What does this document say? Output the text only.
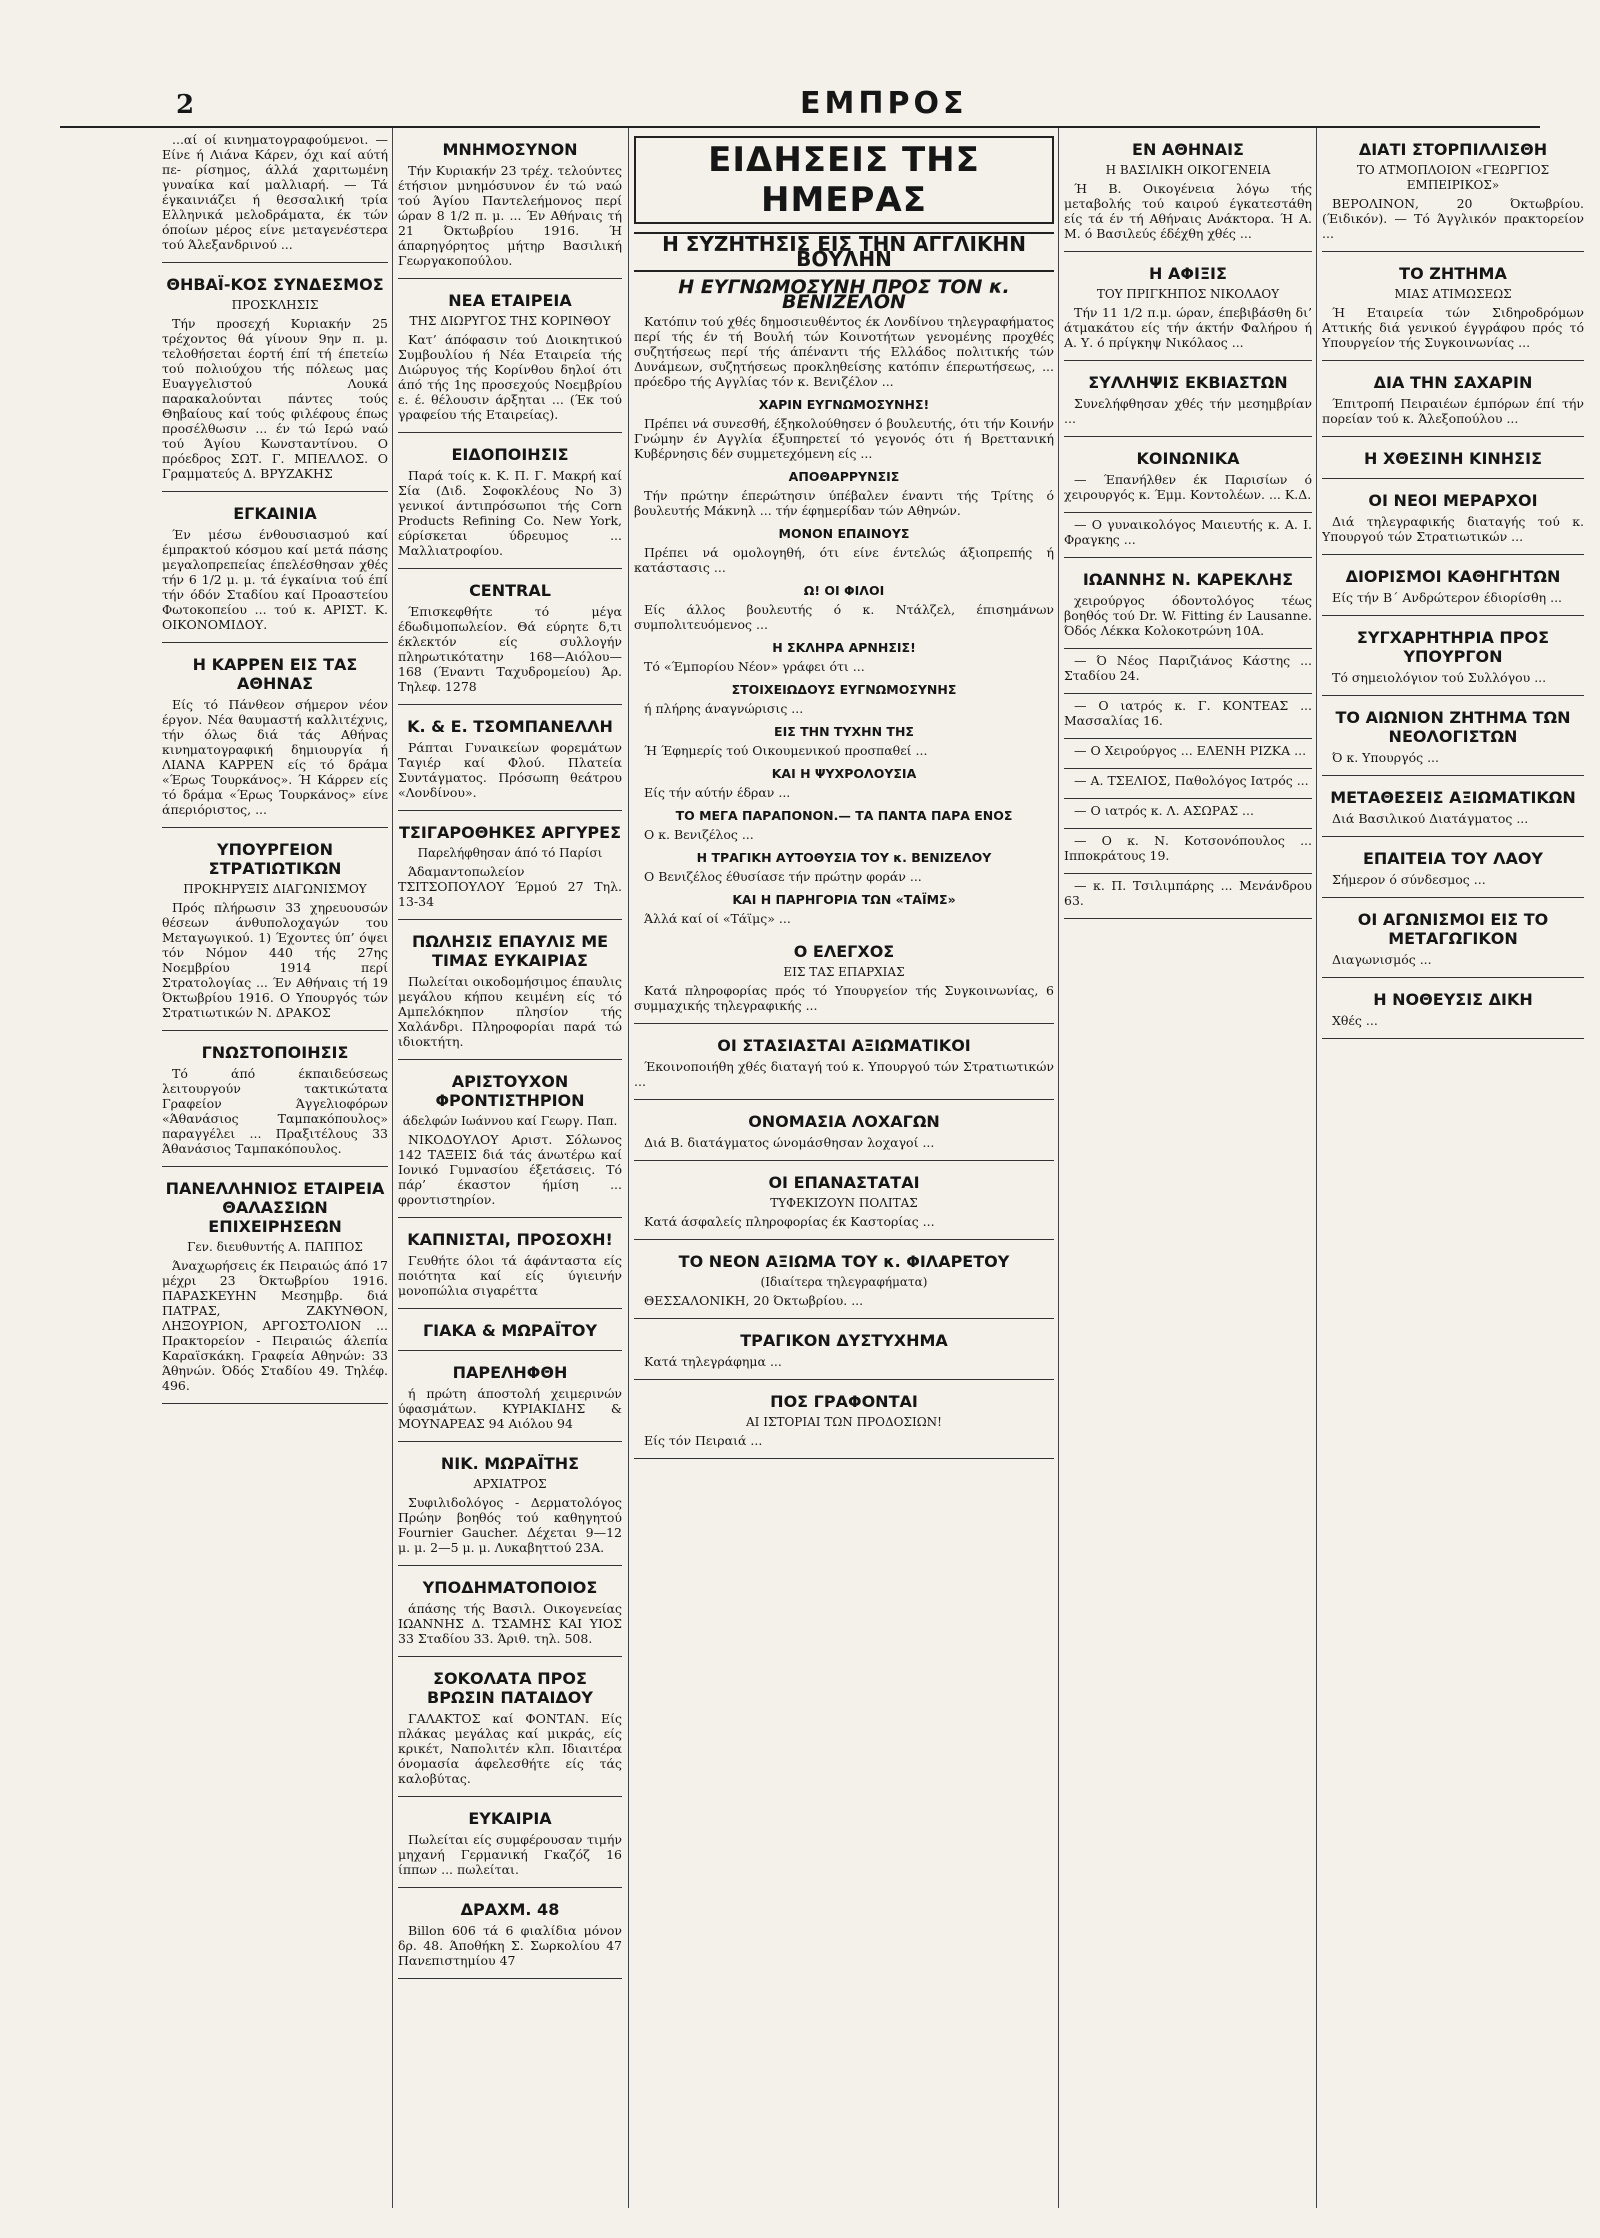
2	ΕΜΠΡΟΣ

...αί οί κινηματογραφούμενοι. — Είνε ή Λιάνα Κάρεν, όχι καί αύτή πε- ρίσημος, άλλά χαριτωμένη γυναίκα καί μαλλιαρή. — Τά έγκαινιάζει ή θεσσαλική τρία Ελληνικά μελοδράματα, έκ τών όποίων μέρος είνε μεταγενέστερα τού Άλεξανδρινού ...

ΘΗΒΑΪ-ΚΟΣ ΣΥΝΔΕΣΜΟΣ
ΠΡΟΣΚΛΗΣΙΣ

Τήν προσεχή Κυριακήν 25 τρέχοντος θά γίνουν 9ην π. μ. τελοθήσεται έορτή έπί τή έπετείω τού πολιούχου τής πόλεως μας Ευαγγελιστού Λουκά παρακαλούνται πάντες τούς Θηβαίους καί τούς φιλέφους έπως προσέλθωσιν ... έν τώ Ιερώ ναώ τού Άγίου Κωνσταντίνου. Ο πρόεδρος ΣΩΤ. Γ. ΜΠΕΛΛΟΣ. Ο Γραμματεύς Δ. ΒΡΥΖΑΚΗΣ

ΕΓΚΑΙΝΙΑ

Έν μέσω ένθουσιασμού καί έμπρακτού κόσμου καί μετά πάσης μεγαλοπρεπείας έπελέσθησαν χθές τήν 6 1/2 μ. μ. τά έγκαίνια τού έπί τήν όδόν Σταδίου καί Προαστείου Φωτοκοπείου ... τού κ. ΑΡΙΣΤ. Κ. ΟΙΚΟΝΟΜΙΔΟΥ.

Η ΚΑΡΡΕΝ ΕΙΣ ΤΑΣ ΑΘΗΝΑΣ

Είς τό Πάνθεον σήμερον νέον έργον. Νέα θαυμαστή καλλιτέχνις, τήν όλως διά τάς Αθήνας κινηματογραφική δημιουργία ή ΛΙΑΝΑ ΚΑΡΡΕΝ είς τό δράμα «Έρως Τουρκάνος». Ή Κάρρεν είς τό δράμα «Έρως Τουρκάνος» είνε άπεριόριστος, ...

ΥΠΟΥΡΓΕΙΟΝ ΣΤΡΑΤΙΩΤΙΚΩΝ
ΠΡΟΚΗΡΥΞΙΣ ΔΙΑΓΩΝΙΣΜΟΥ

Πρός πλήρωσιν 33 χηρευουσών θέσεων άνθυπολοχαγών του Μεταγωγικού. 1) Έχοντες ύπ’ όψει τόν Νόμον 440 τής 27ης Νοεμβρίου 1914 περί Στρατολογίας ... Έν Αθήναις τή 19 Όκτωβρίου 1916. Ο Υπουργός τών Στρατιωτικών Ν. ΔΡΑΚΟΣ

ΓΝΩΣΤΟΠΟΙΗΣΙΣ

Τό άπό έκπαιδεύσεως λειτουργούν τακτικώτατα Γραφείον Άγγελιοφόρων «Άθανάσιος Ταμπακόπουλος» παραγγέλει ... Πραξιτέλους 33 Άθανάσιος Ταμπακόπουλος.

ΠΑΝΕΛΛΗΝΙΟΣ ΕΤΑΙΡΕΙΑ ΘΑΛΑΣΣΙΩΝ ΕΠΙΧΕΙΡΗΣΕΩΝ
Γεν. διευθυντής Α. ΠΑΠΠΟΣ

Άναχωρήσεις έκ Πειραιώς άπό 17 μέχρι 23 Όκτωβρίου 1916. ΠΑΡΑΣΚΕΥΗΝ Μεσημβρ. διά ΠΑΤΡΑΣ, ΖΑΚΥΝΘΟΝ, ΛΗΞΟΥΡΙΟΝ, ΑΡΓΟΣΤΟΛΙΟΝ ... Πρακτορείον - Πειραιώς άλεπία Καραϊσκάκη. Γραφεία Αθηνών: 33 Άθηνών. Όδός Σταδίου 49. Τηλέφ. 496.

ΜΝΗΜΟΣΥΝΟΝ

Τήν Κυριακήν 23 τρέχ. τελούντες έτήσιον μνημόσυνον έν τώ ναώ τού Άγίου Παντελεήμονος περί ώραν 8 1/2 π. μ. ... Έν Αθήναις τή 21 Όκτωβρίου 1916. Ή άπαρηγόρητος μήτηρ Βασιλική Γεωργακοπούλου.

ΝΕΑ ΕΤΑΙΡΕΙΑ
ΤΗΣ ΔΙΩΡΥΓΟΣ ΤΗΣ ΚΟΡΙΝΘΟΥ

Κατ’ άπόφασιν τού Διοικητικού Συμβουλίου ή Νέα Εταιρεία τής Διώρυγος τής Κορίνθου δηλοί ότι άπό τής 1ης προσεχούς Νοεμβρίου ε. έ. θέλουσιν άρξηται ... (Έκ τού γραφείου τής Εταιρείας).

ΕΙΔΟΠΟΙΗΣΙΣ

Παρά τοίς κ. Κ. Π. Γ. Μακρή καί Σία (Διδ. Σοφοκλέους Νο 3) γενικοί άντιπρόσωποι τής Corn Products Refining Co. New York, εύρίσκεται ύδρευμος ... Μαλλιατροφίου.

CENTRAL

Έπισκεφθήτε τό μέγα έδωδιμοπωλείον. Θά εύρητε δ,τι έκλεκτόν είς συλλογήν πληρωτικότατην 168—Αιόλου—168 (Έναντι Ταχυδρομείου) Άρ. Τηλεφ. 1278

Κ. & Ε. ΤΣΟΜΠΑΝΕΛΛΗ

Ράπται Γυναικείων φορεμάτων Ταγιέρ καί Φλού. Πλατεία Συντάγματος. Πρόσωπη θεάτρου «Λονδίνου».

ΤΣΙΓΑΡΟΘΗΚΕΣ ΑΡΓΥΡΕΣ
Παρελήφθησαν άπό τό Παρίσι

Άδαμαντοπωλείον ΤΣΙΤΣΟΠΟΥΛΟΥ Έρμού 27 Τηλ. 13-34

ΠΩΛΗΣΙΣ ΕΠΑΥΛΙΣ ΜΕ ΤΙΜΑΣ ΕΥΚΑΙΡΙΑΣ

Πωλείται οικοδομήσιμος έπαυλις μεγάλου κήπου κειμένη είς τό Αμπελόκηπον πλησίον τής Χαλάνδρι. Πληροφορίαι παρά τώ ιδιοκτήτη.

ΑΡΙΣΤΟΥΧΟΝ ΦΡΟΝΤΙΣΤΗΡΙΟΝ
άδελφών Ιωάννου καί Γεωργ. Παπ.

ΝΙΚΟΔΟΥΛΟΥ Αριστ. Σόλωνος 142 ΤΑΞΕΙΣ διά τάς άνωτέρω καί Ιονικό Γυμνασίου έξετάσεις. Τό πάρ’ έκαστον ήμίση ... φροντιστηρίον.

ΚΑΠΝΙΣΤΑΙ, ΠΡΟΣΟΧΗ!

Γευθήτε όλοι τά άφάνταστα είς ποιότητα καί είς ύγιεινήν μονοπώλια σιγαρέττα

ΓΙΑΚΑ & ΜΩΡΑΪΤΟΥ
ΠΑΡΕΛΗΦΘΗ

ή πρώτη άποστολή χειμερινών ύφασμάτων. ΚΥΡΙΑΚΙΔΗΣ & ΜΟΥΝΑΡΕΑΣ 94 Αιόλου 94

ΝΙΚ. ΜΩΡΑΪΤΗΣ
ΑΡΧΙΑΤΡΟΣ

Συφιλιδολόγος - Δερματολόγος Πρώην βοηθός τού καθηγητού Fournier Gaucher. Δέχεται 9—12 μ. μ. 2—5 μ. μ. Λυκαβηττού 23Α.

ΥΠΟΔΗΜΑΤΟΠΟΙΟΣ

άπάσης τής Βασιλ. Οικογενείας ΙΩΑΝΝΗΣ Δ. ΤΣΑΜΗΣ ΚΑΙ ΥΙΟΣ 33 Σταδίου 33. Άριθ. τηλ. 508.

ΣΟΚΟΛΑΤΑ ΠΡΟΣ ΒΡΩΣΙΝ ΠΑΤΑΙΔΟΥ

ΓΑΛΑΚΤΟΣ καί ΦΟΝΤΑΝ. Είς πλάκας μεγάλας καί μικράς, είς κρικέτ, Ναπολιτέν κλπ. Ιδιαιτέρα όνομασία άφελεσθήτε είς τάς καλοβύτας.

ΕΥΚΑΙΡΙΑ

Πωλείται είς συμφέρουσαν τιμήν μηχανή Γερμανική Γκαζόζ 16 ίππων ... πωλείται.

ΔΡΑΧΜ. 48

Billon 606 τά 6 φιαλίδια μόνον δρ. 48. Άποθήκη Σ. Σωρκολίου 47 Πανεπιστημίου 47

ΕΙΔΗΣΕΙΣ ΤΗΣ ΗΜΕΡΑΣ
Η ΣΥΖΗΤΗΣΙΣ ΕΙΣ ΤΗΝ ΑΓΓΛΙΚΗΝ ΒΟΥΛΗΝ
Η ΕΥΓΝΩΜΟΣΥΝΗ ΠΡΟΣ ΤΟΝ κ. ΒΕΝΙΖΕΛΟΝ

Κατόπιν τού χθές δημοσιευθέντος έκ Λονδίνου τηλεγραφήματος περί τής έν τή Βουλή τών Κοινοτήτων γενομένης προχθές συζητήσεως περί τής άπέναντι τής Ελλάδος πολιτικής τών Δυνάμεων, συζητήσεως προκληθείσης κατόπιν έπερωτήσεως, ... πρόεδρο τής Αγγλίας τόν κ. Βενιζέλον ...

ΧΑΡΙΝ ΕΥΓΝΩΜΟΣΥΝΗΣ!

Πρέπει νά συνεσθή, έξηκολούθησεν ό βουλευτής, ότι τήν Κοινήν Γνώμην έν Αγγλία έξυπηρετεί τό γεγονός ότι ή Βρεττανική Κυβέρνησις δέν συμμετεχόμενη είς ...

ΑΠΟΘΑΡΡΥΝΣΙΣ

Τήν πρώτην έπερώτησιν ύπέβαλεν έναντι τής Τρίτης ό βουλευτής Μάκνηλ ... τήν έφημερίδαν τών Αθηνών.

ΜΟΝΟΝ ΕΠΑΙΝΟΥΣ

Πρέπει νά ομολογηθή, ότι είνε έντελώς άξιοπρεπής ή κατάστασις ...

Ω! ΟΙ ΦΙΛΟΙ

Είς άλλος βουλευτής ό κ. Ντάλζελ, έπισημάνων συμπολιτευόμενος ...

Η ΣΚΛΗΡΑ ΑΡΝΗΣΙΣ!

Τό «Έμπορίου Νέον» γράφει ότι ...

ΣΤΟΙΧΕΙΩΔΟΥΣ ΕΥΓΝΩΜΟΣΥΝΗΣ

ή πλήρης άναγνώρισις ...

ΕΙΣ ΤΗΝ ΤΥΧΗΝ ΤΗΣ

Ή Έφημερίς τού Οικουμενικού προσπαθεί ...

ΚΑΙ Η ΨΥΧΡΟΛΟΥΣΙΑ

Είς τήν αύτήν έδραν ...

ΤΟ ΜΕΓΑ ΠΑΡΑΠΟΝΟΝ.— ΤΑ ΠΑΝΤΑ ΠΑΡΑ ΕΝΟΣ

Ο κ. Βενιζέλος ...

Η ΤΡΑΓΙΚΗ ΑΥΤΟΘΥΣΙΑ ΤΟΥ κ. ΒΕΝΙΖΕΛΟΥ

Ο Βενιζέλος έθυσίασε τήν πρώτην φοράν ...

ΚΑΙ Η ΠΑΡΗΓΟΡΙΑ ΤΩΝ «ΤΑΪΜΣ»

Άλλά καί οί «Τάϊμς» ...

Ο ΕΛΕΓΧΟΣ
ΕΙΣ ΤΑΣ ΕΠΑΡΧΙΑΣ

Κατά πληροφορίας πρός τό Υπουργείον τής Συγκοινωνίας, 6 συμμαχικής τηλεγραφικής ...

ΟΙ ΣΤΑΣΙΑΣΤΑΙ ΑΞΙΩΜΑΤΙΚΟΙ

Έκοινοποιήθη χθές διαταγή τού κ. Υπουργού τών Στρατιωτικών ...

ΟΝΟΜΑΣΙΑ ΛΟΧΑΓΩΝ

Διά Β. διατάγματος ώνομάσθησαν λοχαγοί ...

ΟΙ ΕΠΑΝΑΣΤΑΤΑΙ
ΤΥΦΕΚΙΖΟΥΝ ΠΟΛΙΤΑΣ

Κατά άσφαλείς πληροφορίας έκ Καστορίας ...

ΤΟ ΝΕΟΝ ΑΞΙΩΜΑ ΤΟΥ κ. ΦΙΛΑΡΕΤΟΥ
(Ιδιαίτερα τηλεγραφήματα)

ΘΕΣΣΑΛΟΝΙΚΗ, 20 Όκτωβρίου. ...

ΤΡΑΓΙΚΟΝ ΔΥΣΤΥΧΗΜΑ

Κατά τηλεγράφημα ...

ΠΟΣ ΓΡΑΦΟΝΤΑΙ
ΑΙ ΙΣΤΟΡΙΑΙ ΤΩΝ ΠΡΟΔΟΣΙΩΝ!

Είς τόν Πειραιά ...

ΕΝ ΑΘΗΝΑΙΣ
Η ΒΑΣΙΛΙΚΗ ΟΙΚΟΓΕΝΕΙΑ

Ή Β. Οικογένεια λόγω τής μεταβολής τού καιρού έγκατεστάθη είς τά έν τή Αθήναις Ανάκτορα. Ή Α. Μ. ό Βασιλεύς έδέχθη χθές ...

Η ΑΦΙΞΙΣ
ΤΟΥ ΠΡΙΓΚΗΠΟΣ ΝΙΚΟΛΑΟΥ

Τήν 11 1/2 π.μ. ώραν, έπεβιβάσθη δι’ άτμακάτου είς τήν άκτήν Φαλήρου ή Α. Υ. ό πρίγκηψ Νικόλαος ...

ΣΥΛΛΗΨΙΣ ΕΚΒΙΑΣΤΩΝ

Συνελήφθησαν χθές τήν μεσημβρίαν ...

ΚΟΙΝΩΝΙΚΑ

— Έπανήλθεν έκ Παρισίων ό χειρουργός κ. Έμμ. Κοντολέων. ... Κ.Δ.

— Ο γυναικολόγος Μαιευτής κ. Α. Ι. Φραγκης ...

ΙΩΑΝΝΗΣ Ν. ΚΑΡΕΚΛΗΣ

χειρούργος όδοντολόγος τέως βοηθός τού Dr. W. Fitting έν Lausanne. Όδός Λέκκα Κολοκοτρώνη 10Α.

— Ό Νέος Παριζιάνος Κάστης ... Σταδίου 24.

— Ο ιατρός κ. Γ. ΚΟΝΤΕΑΣ ... Μασσαλίας 16.

— Ο Χειρούργος ... ΕΛΕΝΗ ΡΙΖΚΑ ...

— Α. ΤΣΕΛΙΟΣ, Παθολόγος Ιατρός ...

— Ο ιατρός κ. Λ. ΑΣΩΡΑΣ ...

— Ο κ. Ν. Κοτσονόπουλος ... Ιπποκράτους 19.

— κ. Π. Τσιλιμπάρης ... Μενάνδρου 63.

ΔΙΑΤΙ ΣΤΟΡΠΙΛΛΙΣΘΗ
ΤΟ ΑΤΜΟΠΛΟΙΟΝ «ΓΕΩΡΓΙΟΣ ΕΜΠΕΙΡΙΚΟΣ»

ΒΕΡΟΛΙΝΟΝ, 20 Όκτωβρίου. (Έιδικόν). — Τό Άγγλικόν πρακτορείον ...

ΤΟ ΖΗΤΗΜΑ
ΜΙΑΣ ΑΤΙΜΩΣΕΩΣ

Ή Εταιρεία τών Σιδηροδρόμων Αττικής διά γενικού έγγράφου πρός τό Υπουργείον τής Συγκοινωνίας ...

ΔΙΑ ΤΗΝ ΣΑΧΑΡΙΝ

Έπιτροπή Πειραιέων έμπόρων έπί τήν πορείαν τού κ. Άλεξοπούλου ...

Η ΧΘΕΣΙΝΗ ΚΙΝΗΣΙΣ
ΟΙ ΝΕΟΙ ΜΕΡΑΡΧΟΙ

Διά τηλεγραφικής διαταγής τού κ. Υπουργού τών Στρατιωτικών ...

ΔΙΟΡΙΣΜΟΙ ΚΑΘΗΓΗΤΩΝ

Είς τήν Β΄ Ανδρώτερον έδιορίσθη ...

ΣΥΓΧΑΡΗΤΗΡΙΑ ΠΡΟΣ ΥΠΟΥΡΓΟΝ

Τό σημειολόγιον τού Συλλόγου ...

ΤΟ ΑΙΩΝΙΟΝ ΖΗΤΗΜΑ ΤΩΝ ΝΕΟΛΟΓΙΣΤΩΝ

Ό κ. Υπουργός ...

ΜΕΤΑΘΕΣΕΙΣ ΑΞΙΩΜΑΤΙΚΩΝ

Διά Βασιλικού Διατάγματος ...

ΕΠΑΙΤΕΙΑ ΤΟΥ ΛΑΟΥ

Σήμερον ό σύνδεσμος ...

ΟΙ ΑΓΩΝΙΣΜΟΙ ΕΙΣ ΤΟ ΜΕΤΑΓΩΓΙΚΟΝ

Διαγωνισμός ...

Η ΝΟΘΕΥΣΙΣ ΔΙΚΗ

Χθές ...
